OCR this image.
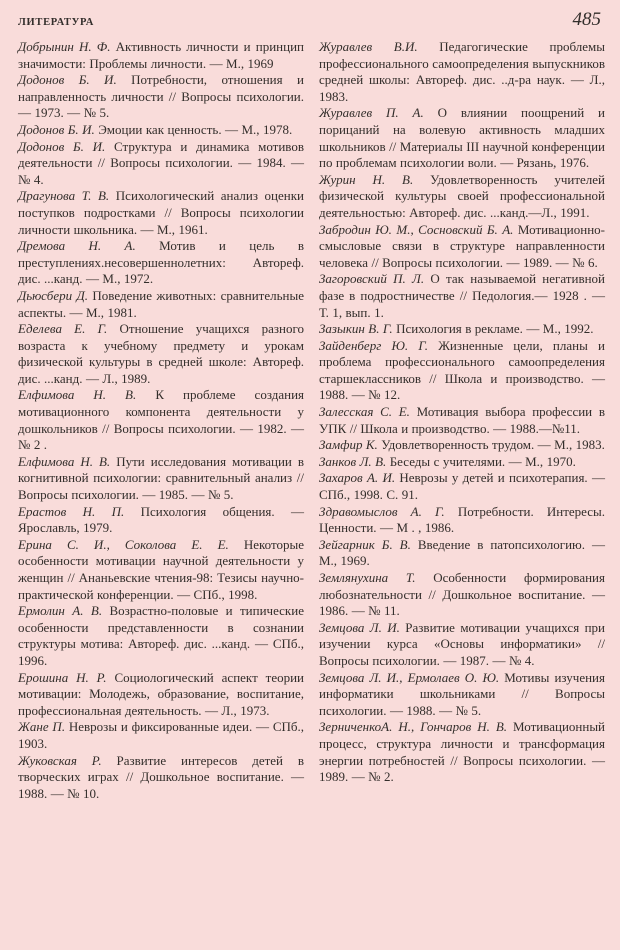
ЛИТЕРАТУРА	485

Добрынин Н. Ф. Активность личности и принцип значимости: Проблемы личности. — М., 1969

Додонов Б. И. Потребности, отношения и направленность личности // Вопросы психологии. — 1973. — № 5.

Додонов Б. И. Эмоции как ценность. — М., 1978.

Додонов Б. И. Структура и динамика мотивов деятельности // Вопросы психологии. — 1984. — № 4.

Драгунова Т. В. Психологический анализ оценки поступков подростками // Вопросы психологии личности школьника. — М., 1961.

Дремова Н. А. Мотив и цель в преступлениях.несовершеннолетних: Автореф. дис. ...канд. — М., 1972.

Дьюсбери Д. Поведение животных: сравнительные аспекты. — М., 1981.

Еделева Е. Г. Отношение учащихся разного возраста к учебному предмету и урокам физической культуры в средней школе: Автореф. дис. ...канд. — Л., 1989.

Елфимова Н. В. К проблеме создания мотивационного компонента деятельности у дошкольников // Вопросы психологии. — 1982. — № 2 .

Елфимова Н. В. Пути исследования мотивации в когнитивной психологии: сравнительный анализ // Вопросы психологии. — 1985. — № 5.

Ерастов Н. П. Психология общения. — Ярославль, 1979.

Ерина С. И., Соколова Е. Е. Некоторые особенности мотивации научной деятельности у женщин // Ананьевские чтения-98: Тезисы научно-практической конференции. — СПб., 1998.

Ермолин А. В. Возрастно-половые и типические особенности представленности в сознании структуры мотива: Автореф. дис. ...канд. — СПб., 1996.

Ерошина Н. Р. Социологический аспект теории мотивации: Молодежь, образование, воспитание, профессиональная деятельность. — Л., 1973.

Жане П. Неврозы и фиксированные идеи. — СПб., 1903.

Жуковская Р. Развитие интересов детей в творческих играх // Дошкольное воспитание. — 1988. — № 10.

Журавлев В.И. Педагогические проблемы профессионального самоопределения выпускников средней школы: Автореф. дис. ..д-ра наук. — Л., 1983.

Журавлев П. А. О влиянии поощрений и порицаний на волевую активность младших школьников // Материалы III научной конференции по проблемам психологии воли. — Рязань, 1976.

Журин Н. В. Удовлетворенность учителей физической культуры своей профессиональной деятельностью: Автореф. дис. ...канд.—Л., 1991.

Забродин Ю. М., Сосновский Б. А. Мотивационно-смысловые связи в структуре направленности человека // Вопросы психологии. — 1989. — № 6.

Загоровский П. Л. О так называемой негативной фазе в подростничестве // Педология.— 1928 . — Т. 1, вып. 1.

Зазыкин В. Г. Психология в рекламе. — М., 1992.

Зайденберг Ю. Г. Жизненные цели, планы и проблема профессионального самоопределения старшеклассников // Школа и производство. — 1988. — № 12.

Залесская С. Е. Мотивация выбора профессии в УПК // Школа и производство. — 1988.—№11.

Замфир К. Удовлетворенность трудом. — М., 1983.

Занков Л. В. Беседы с учителями. — М., 1970.

Захаров А. И. Неврозы у детей и психотерапия. —СПб., 1998. С. 91.

Здравомыслов А. Г. Потребности. Интересы. Ценности. — М . , 1986.

Зейгарник Б. В. Введение в патопсихологию. — М., 1969.

Землянухина Т. Особенности формирования любознательности // Дошкольное воспитание. — 1986. — № 11.

Земцова Л. И. Развитие мотивации учащихся при изучении курса «Основы информатики» // Вопросы психологии. — 1987. — № 4.

Земцова Л. И., Ермолаев О. Ю. Мотивы изучения информатики школьниками // Вопросы психологии. — 1988. — № 5.

ЗерниченкоА. Н., Гончаров Н. В. Мотивационный процесс, структура личности и трансформация энергии потребностей // Вопросы психологии. — 1989. — № 2.
